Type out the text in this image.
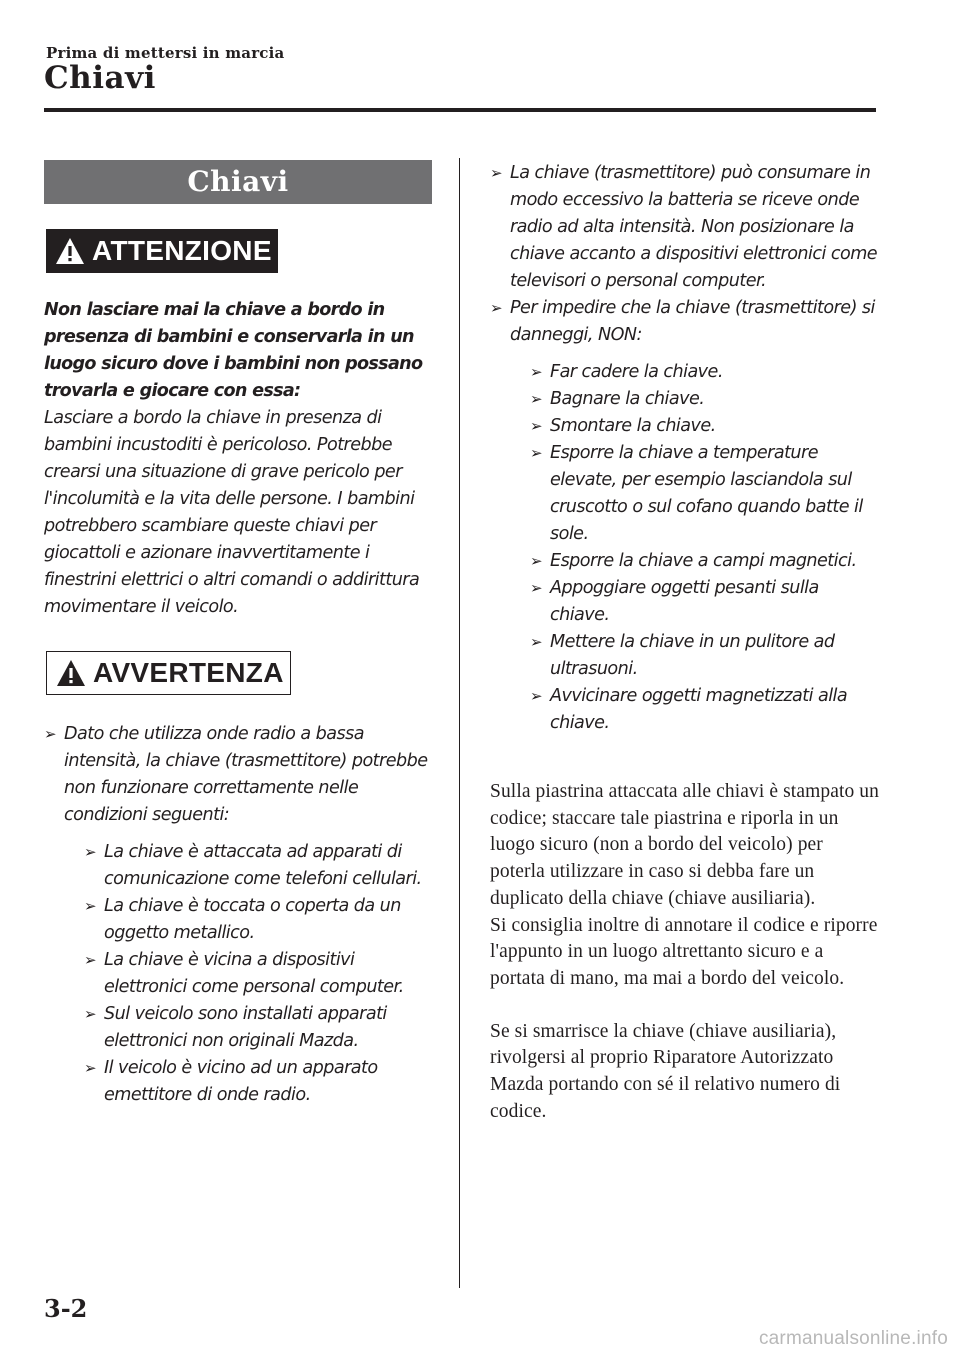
Prima di mettersi in marcia
Chiavi
Chiavi
ATTENZIONE

Non lasciare mai la chiave a bordo in presenza di bambini e conservarla in un luogo sicuro dove i bambini non possano trovarla e giocare con essa:

Lasciare a bordo la chiave in presenza di bambini incustoditi è pericoloso. Potrebbe crearsi una situazione di grave pericolo per l'incolumità e la vita delle persone. I bambini potrebbero scambiare queste chiavi per giocattoli e azionare inavvertitamente i finestrini elettrici o altri comandi o addirittura movimentare il veicolo.

AVVERTENZA
➢ Dato che utilizza onde radio a bassa intensità, la chiave (trasmettitore) potrebbe non funzionare correttamente nelle condizioni seguenti:
➢ La chiave è attaccata ad apparati di comunicazione come telefoni cellulari.
➢ La chiave è toccata o coperta da un oggetto metallico.
➢ La chiave è vicina a dispositivi elettronici come personal computer.
➢ Sul veicolo sono installati apparati elettronici non originali Mazda.
➢ Il veicolo è vicino ad un apparato emettitore di onde radio.
➢ La chiave (trasmettitore) può consumare in modo eccessivo la batteria se riceve onde radio ad alta intensità. Non posizionare la chiave accanto a dispositivi elettronici come televisori o personal computer.
➢ Per impedire che la chiave (trasmettitore) si danneggi, NON:
➢ Far cadere la chiave.
➢ Bagnare la chiave.
➢ Smontare la chiave.
➢ Esporre la chiave a temperature elevate, per esempio lasciandola sul cruscotto o sul cofano quando batte il sole.
➢ Esporre la chiave a campi magnetici.
➢ Appoggiare oggetti pesanti sulla chiave.
➢ Mettere la chiave in un pulitore ad ultrasuoni.
➢ Avvicinare oggetti magnetizzati alla chiave.

Sulla piastrina attaccata alle chiavi è stampato un codice; staccare tale piastrina e riporla in un luogo sicuro (non a bordo del veicolo) per poterla utilizzare in caso si debba fare un duplicato della chiave (chiave ausiliaria).

Si consiglia inoltre di annotare il codice e riporre l'appunto in un luogo altrettanto sicuro e a portata di mano, ma mai a bordo del veicolo.

Se si smarrisce la chiave (chiave ausiliaria), rivolgersi al proprio Riparatore Autorizzato Mazda portando con sé il relativo numero di codice.

3-2
carmanualsonline.info
